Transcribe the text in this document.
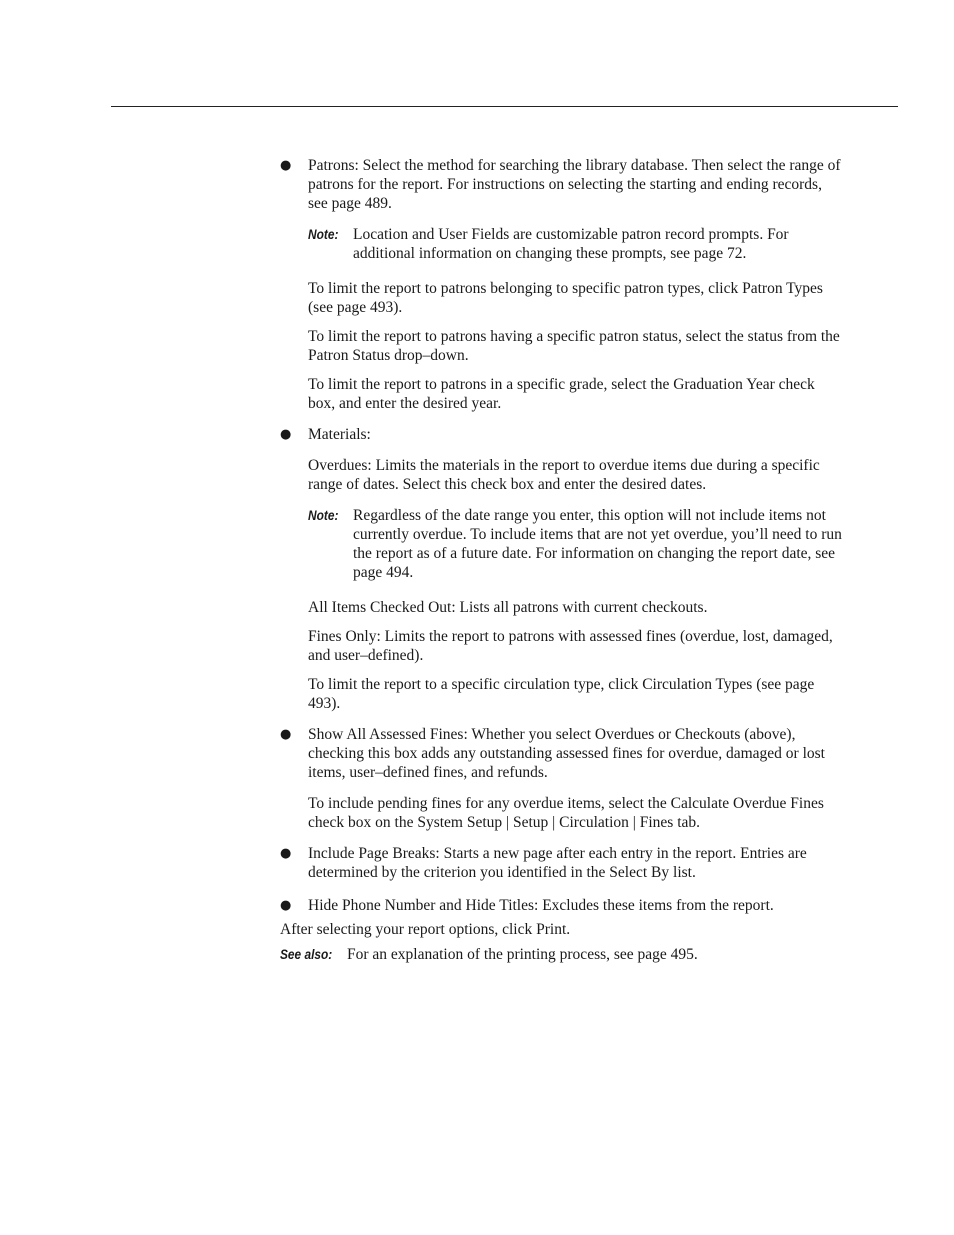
● Patrons: Select the method for searching the library database. Then select the range of patrons for the report. For instructions on selecting the starting and ending records, see page 489.
Note: Location and User Fields are customizable patron record prompts. For additional information on changing these prompts, see page 72.

To limit the report to patrons belonging to specific patron types, click Patron Types (see page 493).

To limit the report to patrons having a specific patron status, select the status from the Patron Status drop–down.

To limit the report to patrons in a specific grade, select the Graduation Year check box, and enter the desired year.

● Materials:

Overdues: Limits the materials in the report to overdue items due during a specific range of dates. Select this check box and enter the desired dates.

Note: Regardless of the date range you enter, this option will not include items not currently overdue. To include items that are not yet overdue, you’ll need to run the report as of a future date. For information on changing the report date, see page 494.

All Items Checked Out: Lists all patrons with current checkouts.

Fines Only: Limits the report to patrons with assessed fines (overdue, lost, damaged, and user–defined).

To limit the report to a specific circulation type, click Circulation Types (see page 493).

● Show All Assessed Fines: Whether you select Overdues or Checkouts (above), checking this box adds any outstanding assessed fines for overdue, damaged or lost items, user–defined fines, and refunds.

To include pending fines for any overdue items, select the Calculate Overdue Fines check box on the System Setup | Setup | Circulation | Fines tab.

● Include Page Breaks: Starts a new page after each entry in the report. Entries are determined by the criterion you identified in the Select By list.
● Hide Phone Number and Hide Titles: Excludes these items from the report.

After selecting your report options, click Print.

See also: For an explanation of the printing process, see page 495.
